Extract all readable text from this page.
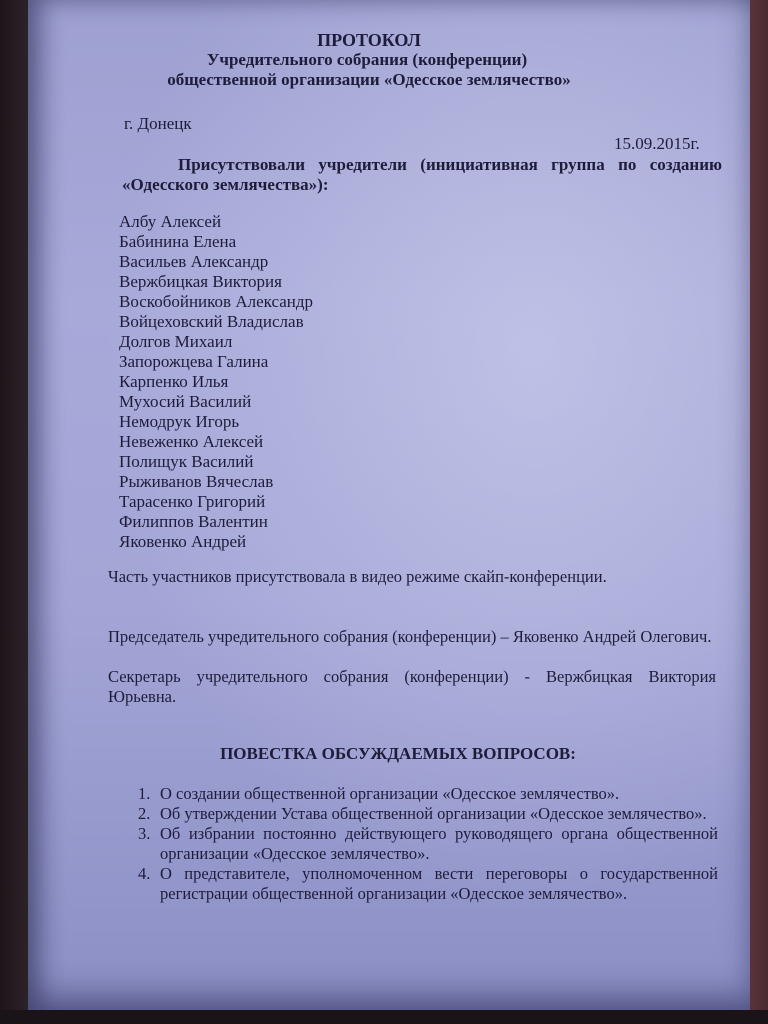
ПРОТОКОЛ
Учредительного собрания (конференции)
общественной организации «Одесское землячество»
г. Донецк
15.09.2015г.
Присутствовали учредители (инициативная группа по созданию «Одесского землячества»):
Албу Алексей
Бабинина Елена
Васильев Александр
Вержбицкая Виктория
Воскобойников Александр
Войцеховский Владислав
Долгов Михаил
Запорожцева Галина
Карпенко Илья
Мухосий Василий
Немодрук Игорь
Невеженко Алексей
Полищук Василий
Рыживанов Вячеслав
Тарасенко Григорий
Филиппов Валентин
Яковенко Андрей
Часть участников присутствовала в видео режиме скайп-конференции.
Председатель учредительного собрания (конференции) – Яковенко Андрей Олегович.
Секретарь учредительного собрания (конференции) - Вержбицкая Виктория Юрьевна.
ПОВЕСТКА ОБСУЖДАЕМЫХ ВОПРОСОВ:
1. О создании общественной организации «Одесское землячество».
2. Об утверждении Устава общественной организации «Одесское землячество».
3. Об избрании постоянно действующего руководящего органа общественной организации «Одесское землячество».
4. О представителе, уполномоченном вести переговоры о государственной регистрации общественной организации «Одесское землячество».
